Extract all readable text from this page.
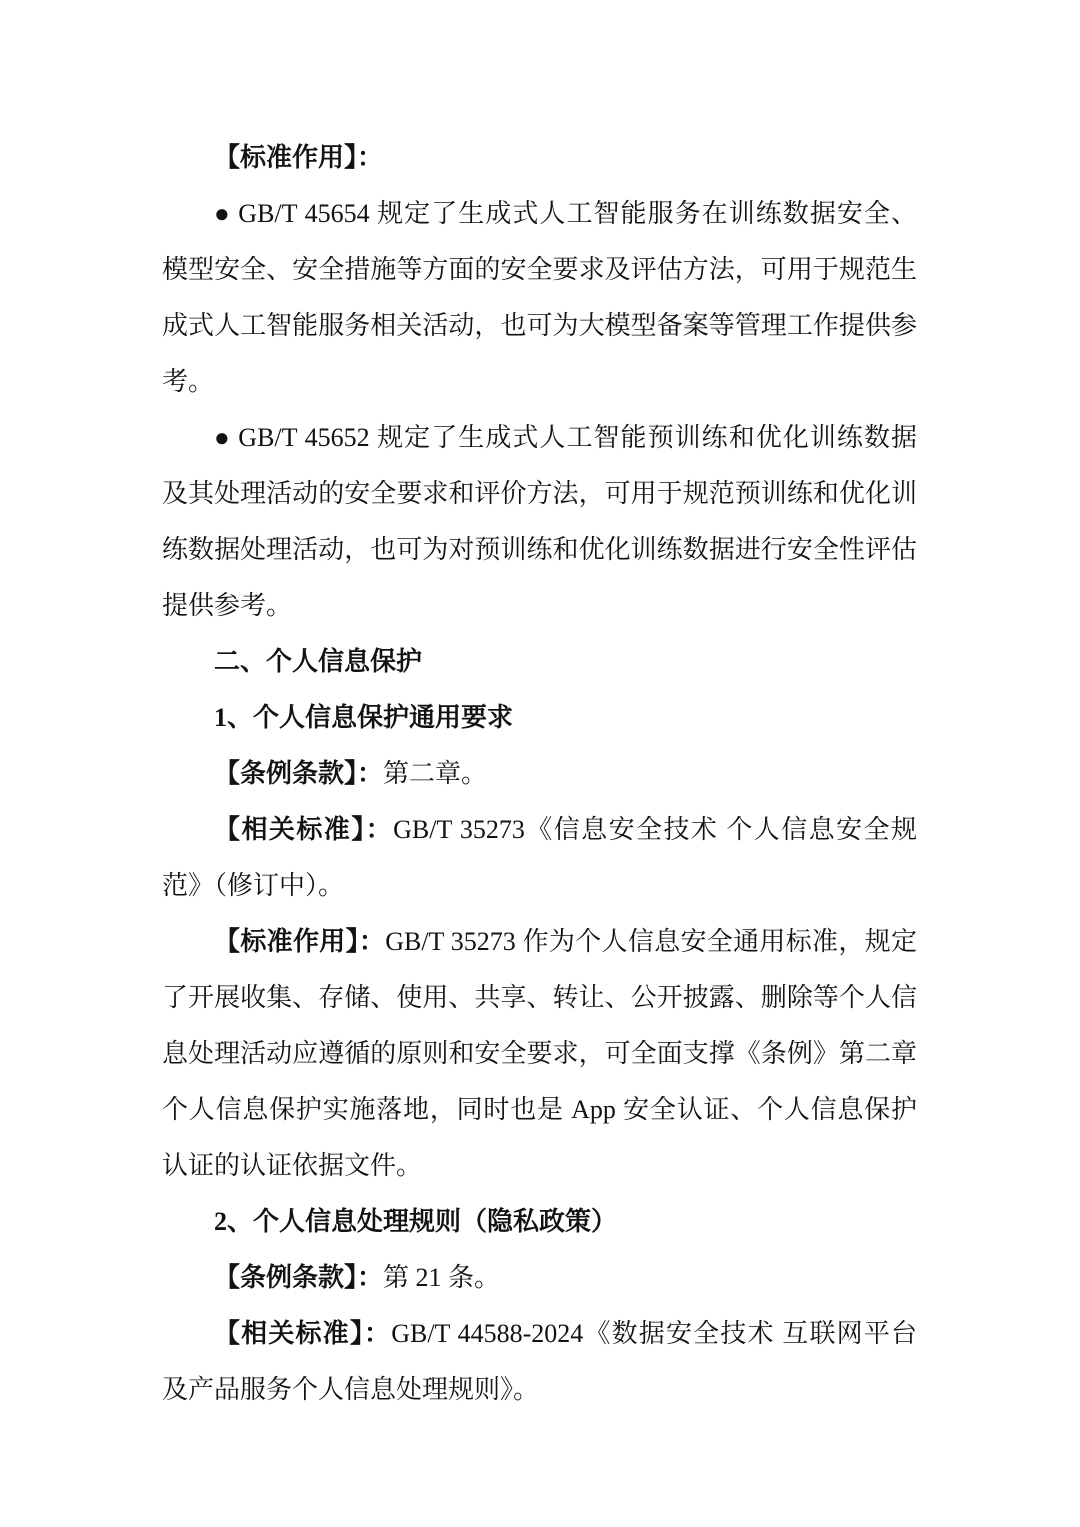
【标准作用】：

● GB/T 45654 规定了生成式人工智能服务在训练数据安全、模型安全、安全措施等方面的安全要求及评估方法，可用于规范生成式人工智能服务相关活动，也可为大模型备案等管理工作提供参考。

● GB/T 45652 规定了生成式人工智能预训练和优化训练数据及其处理活动的安全要求和评价方法，可用于规范预训练和优化训练数据处理活动，也可为对预训练和优化训练数据进行安全性评估提供参考。

二、个人信息保护

1、个人信息保护通用要求

【条例条款】：第二章。

【相关标准】：GB/T 35273《信息安全技术 个人信息安全规范》（修订中）。

【标准作用】：GB/T 35273 作为个人信息安全通用标准，规定了开展收集、存储、使用、共享、转让、公开披露、删除等个人信息处理活动应遵循的原则和安全要求，可全面支撑《条例》第二章个人信息保护实施落地，同时也是 App 安全认证、个人信息保护认证的认证依据文件。

2、个人信息处理规则（隐私政策）

【条例条款】：第 21 条。

【相关标准】：GB/T 44588-2024《数据安全技术 互联网平台及产品服务个人信息处理规则》。
